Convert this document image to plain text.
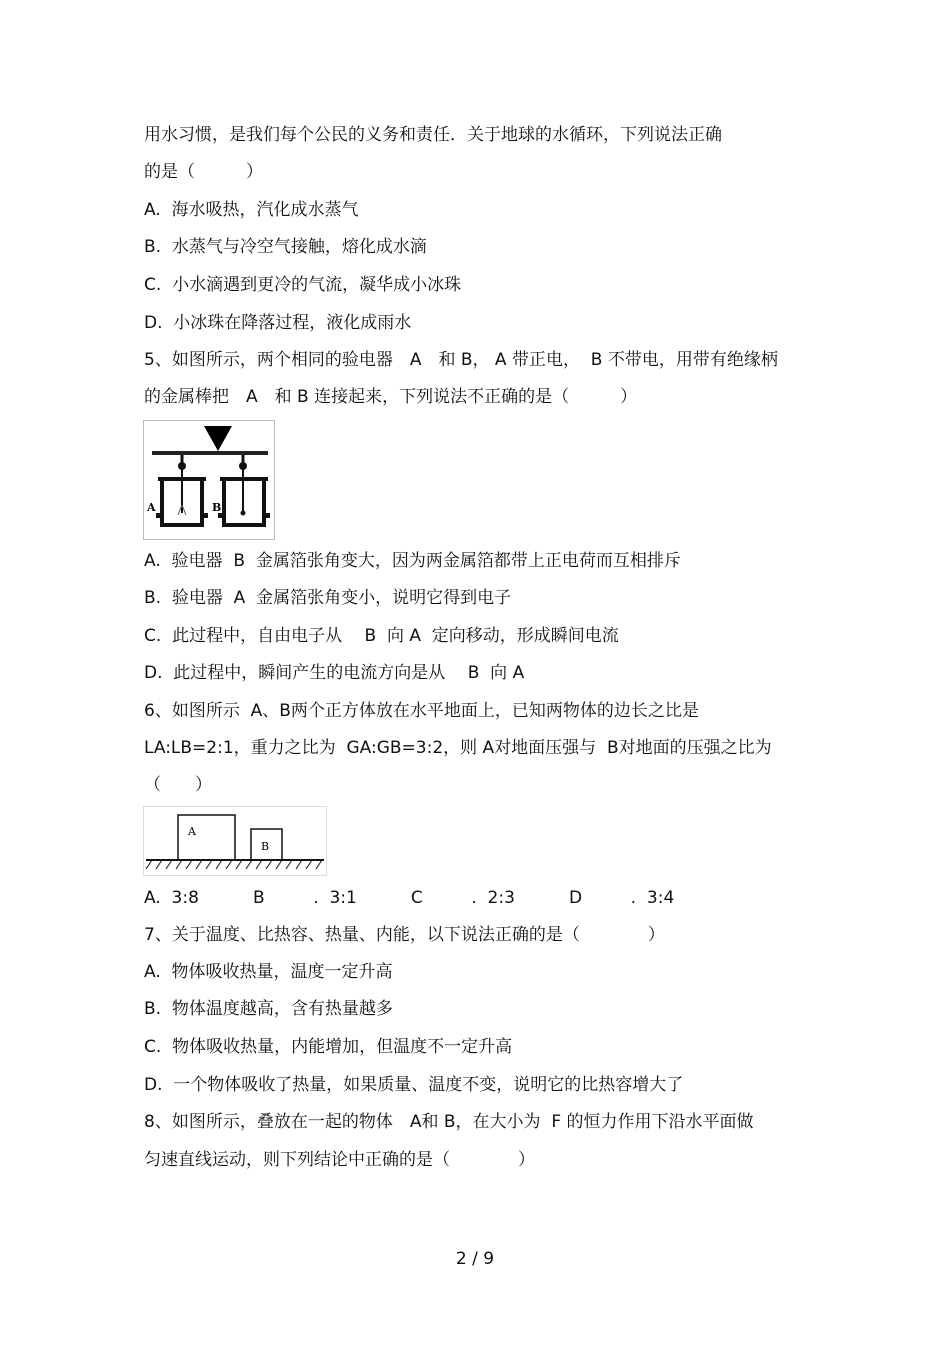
用水习惯，是我们每个公民的义务和责任．关于地球的水循环，下列说法正确
的是（　　　）
A.  海水吸热，汽化成水蒸气
B.  水蒸气与冷空气接触，熔化成水滴
C.  小水滴遇到更冷的气流，凝华成小冰珠
D.  小冰珠在降落过程，液化成雨水
5、如图所示，两个相同的验电器　A　和 B， A 带正电，  B 不带电，用带有绝缘柄
的金属棒把　A　和 B 连接起来，下列说法不正确的是（　　　）
A	B
A.  验电器  B  金属箔张角变大，因为两金属箔都带上正电荷而互相排斥
B.  验电器  A  金属箔张角变小，说明它得到电子
C.  此过程中，自由电子从　 B  向 A  定向移动，形成瞬间电流
D.  此过程中，瞬间产生的电流方向是从　 B  向 A
6、如图所示  A、B两个正方体放在水平地面上，已知两物体的边长之比是
LA:LB=2:1，重力之比为  GA:GB=3:2，则 A对地面压强与  B对地面的压强之比为
（　　）
A
B
A.  3:8          B         .  3:1          C         .  2:3          D         .  3:4
7、关于温度、比热容、热量、内能，以下说法正确的是（　　　　）
A.  物体吸收热量，温度一定升高
B.  物体温度越高，含有热量越多
C.  物体吸收热量，内能增加，但温度不一定升高
D.  一个物体吸收了热量，如果质量、温度不变，说明它的比热容增大了
8、如图所示，叠放在一起的物体　A和 B，在大小为  F 的恒力作用下沿水平面做
匀速直线运动，则下列结论中正确的是（　　　　）
2 / 9
